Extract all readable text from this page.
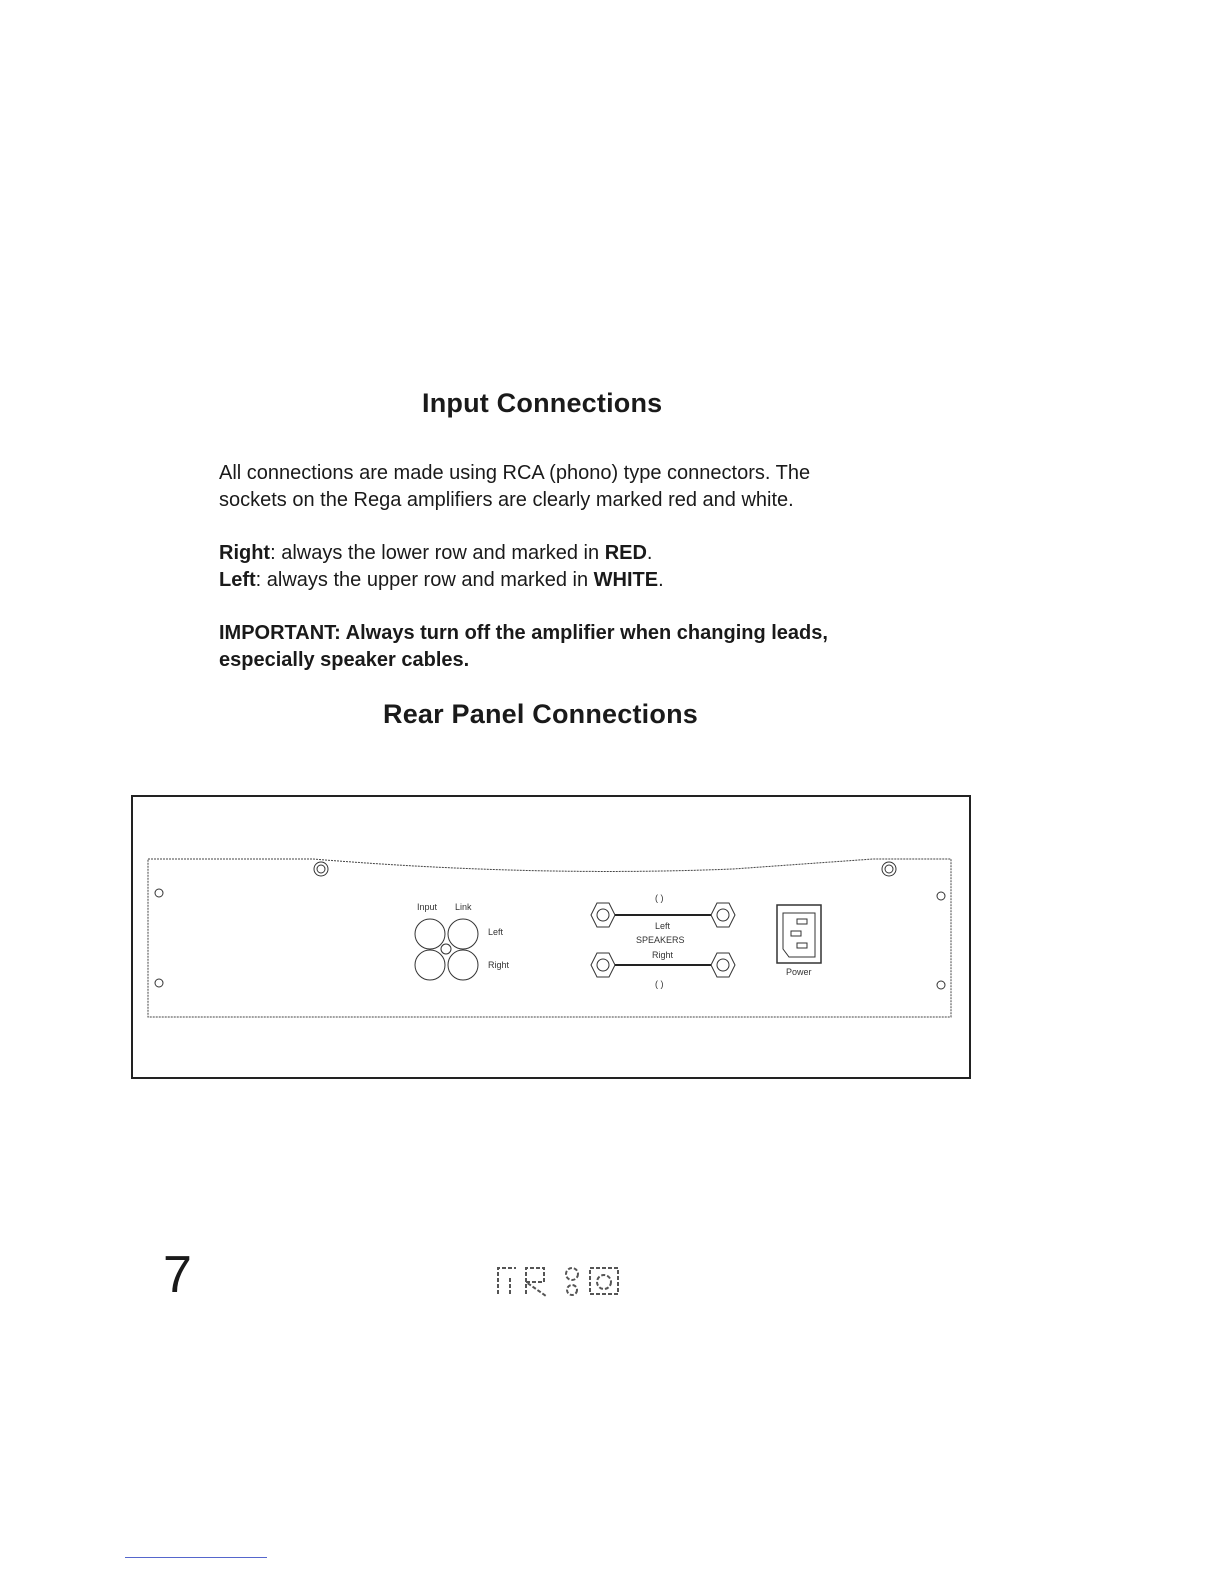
Input Connections
All connections are made using RCA (phono) type connectors. The
sockets on the Rega amplifiers are clearly marked red and white.
Right: always the lower row and marked in RED.
Left: always the upper row and marked in WHITE.
IMPORTANT: Always turn off the amplifier when changing leads,
especially speaker cables.
Rear Panel Connections
Input Link
Left
Right
( )
Left
SPEAKERS
Right
( )
Power
7
